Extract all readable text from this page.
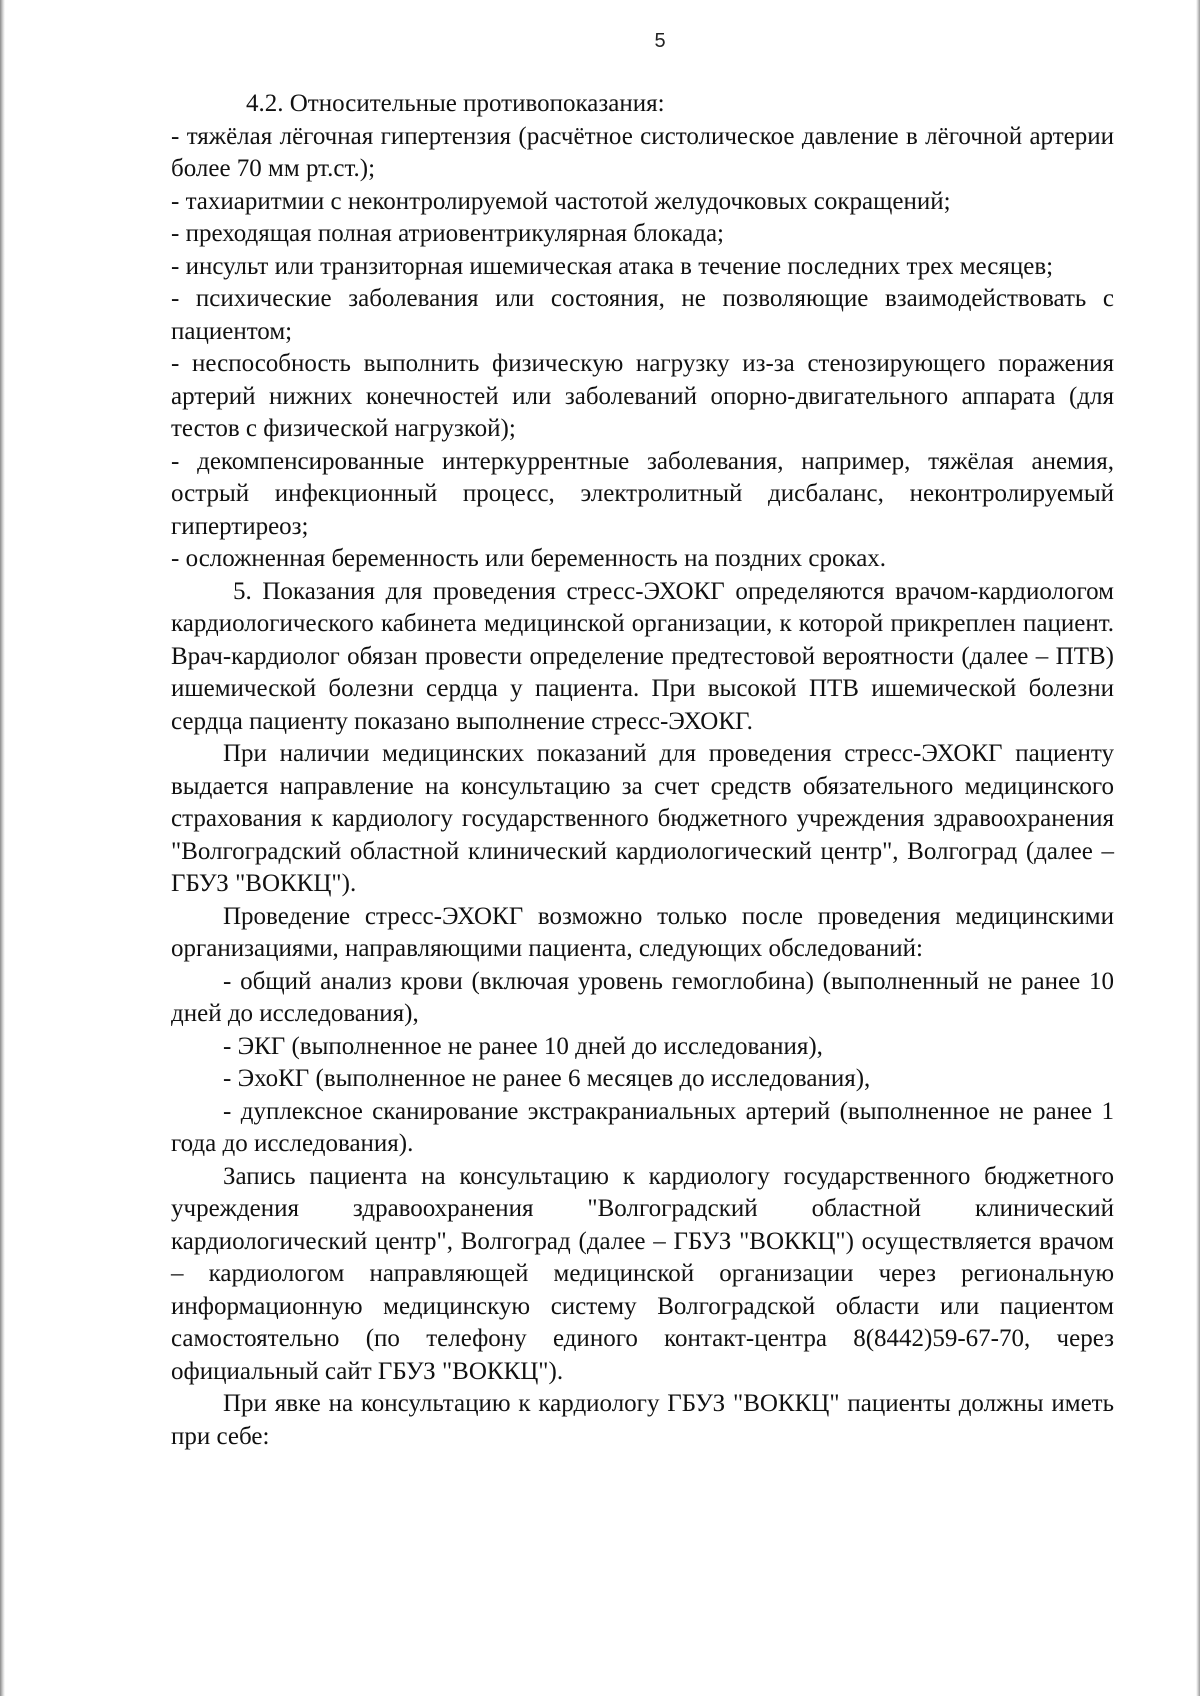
5

4.2. Относительные противопоказания:

- тяжёлая лёгочная гипертензия (расчётное систолическое давление в лёгочной артерии более 70 мм рт.ст.);

- тахиаритмии с неконтролируемой частотой желудочковых сокращений;

- преходящая полная атриовентрикулярная блокада;

- инсульт или транзиторная ишемическая атака в течение последних трех месяцев;

- психические заболевания или состояния, не позволяющие взаимодействовать с пациентом;

- неспособность выполнить физическую нагрузку из-за стенозирующего поражения артерий нижних конечностей или заболеваний опорно-двигательного аппарата (для тестов с физической нагрузкой);

- декомпенсированные интеркуррентные заболевания, например, тяжёлая анемия, острый инфекционный процесс, электролитный дисбаланс, неконтролируемый гипертиреоз;

- осложненная беременность или беременность на поздних сроках.

5. Показания для проведения стресс-ЭХОКГ определяются врачом-кардиологом кардиологического кабинета медицинской организации, к которой прикреплен пациент. Врач-кардиолог обязан провести определение предтестовой вероятности (далее – ПТВ) ишемической болезни сердца у пациента. При высокой ПТВ ишемической болезни сердца пациенту показано выполнение стресс-ЭХОКГ.

При наличии медицинских показаний для проведения стресс-ЭХОКГ пациенту выдается направление на консультацию за счет средств обязательного медицинского страхования к кардиологу государственного бюджетного учреждения здравоохранения "Волгоградский областной клинический кардиологический центр", Волгоград (далее – ГБУЗ "ВОККЦ").

Проведение стресс-ЭХОКГ возможно только после проведения медицинскими организациями, направляющими пациента, следующих обследований:

- общий анализ крови (включая уровень гемоглобина) (выполненный не ранее 10 дней до исследования),

- ЭКГ (выполненное не ранее 10 дней до исследования),

- ЭхоКГ (выполненное не ранее 6 месяцев до исследования),

- дуплексное сканирование экстракраниальных артерий (выполненное не ранее 1 года до исследования).

Запись пациента на консультацию к кардиологу государственного бюджетного учреждения здравоохранения "Волгоградский областной клинический кардиологический центр", Волгоград (далее – ГБУЗ "ВОККЦ") осуществляется врачом – кардиологом направляющей медицинской организации через региональную информационную медицинскую систему Волгоградской области или пациентом самостоятельно (по телефону единого контакт-центра 8(8442)59-67-70, через официальный сайт ГБУЗ "ВОККЦ").

При явке на консультацию к кардиологу ГБУЗ "ВОККЦ" пациенты должны иметь при себе:
